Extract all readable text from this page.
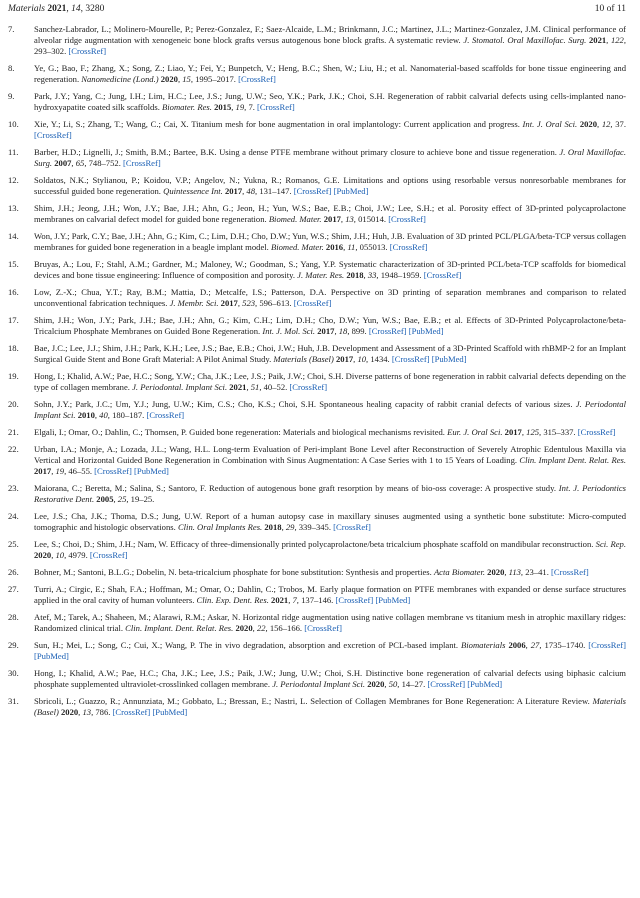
Materials 2021, 14, 3280	10 of 11
7. Sanchez-Labrador, L.; Molinero-Mourelle, P.; Perez-Gonzalez, F.; Saez-Alcaide, L.M.; Brinkmann, J.C.; Martinez, J.L.; Martinez-Gonzalez, J.M. Clinical performance of alveolar ridge augmentation with xenogeneic bone block grafts versus autogenous bone block grafts. A systematic review. J. Stomatol. Oral Maxillofac. Surg. 2021, 122, 293–302. [CrossRef]
8. Ye, G.; Bao, F.; Zhang, X.; Song, Z.; Liao, Y.; Fei, Y.; Bunpetch, V.; Heng, B.C.; Shen, W.; Liu, H.; et al. Nanomaterial-based scaffolds for bone tissue engineering and regeneration. Nanomedicine (Lond.) 2020, 15, 1995–2017. [CrossRef]
9. Park, J.Y.; Yang, C.; Jung, I.H.; Lim, H.C.; Lee, J.S.; Jung, U.W.; Seo, Y.K.; Park, J.K.; Choi, S.H. Regeneration of rabbit calvarial defects using cells-implanted nano-hydroxyapatite coated silk scaffolds. Biomater. Res. 2015, 19, 7. [CrossRef]
10. Xie, Y.; Li, S.; Zhang, T.; Wang, C.; Cai, X. Titanium mesh for bone augmentation in oral implantology: Current application and progress. Int. J. Oral Sci. 2020, 12, 37. [CrossRef]
11. Barber, H.D.; Lignelli, J.; Smith, B.M.; Bartee, B.K. Using a dense PTFE membrane without primary closure to achieve bone and tissue regeneration. J. Oral Maxillofac. Surg. 2007, 65, 748–752. [CrossRef]
12. Soldatos, N.K.; Stylianou, P.; Koidou, V.P.; Angelov, N.; Yukna, R.; Romanos, G.E. Limitations and options using resorbable versus nonresorbable membranes for successful guided bone regeneration. Quintessence Int. 2017, 48, 131–147. [CrossRef] [PubMed]
13. Shim, J.H.; Jeong, J.H.; Won, J.Y.; Bae, J.H.; Ahn, G.; Jeon, H.; Yun, W.S.; Bae, E.B.; Choi, J.W.; Lee, S.H.; et al. Porosity effect of 3D-printed polycaprolactone membranes on calvarial defect model for guided bone regeneration. Biomed. Mater. 2017, 13, 015014. [CrossRef]
14. Won, J.Y.; Park, C.Y.; Bae, J.H.; Ahn, G.; Kim, C.; Lim, D.H.; Cho, D.W.; Yun, W.S.; Shim, J.H.; Huh, J.B. Evaluation of 3D printed PCL/PLGA/beta-TCP versus collagen membranes for guided bone regeneration in a beagle implant model. Biomed. Mater. 2016, 11, 055013. [CrossRef]
15. Bruyas, A.; Lou, F.; Stahl, A.M.; Gardner, M.; Maloney, W.; Goodman, S.; Yang, Y.P. Systematic characterization of 3D-printed PCL/beta-TCP scaffolds for biomedical devices and bone tissue engineering: Influence of composition and porosity. J. Mater. Res. 2018, 33, 1948–1959. [CrossRef]
16. Low, Z.-X.; Chua, Y.T.; Ray, B.M.; Mattia, D.; Metcalfe, I.S.; Patterson, D.A. Perspective on 3D printing of separation membranes and comparison to related unconventional fabrication techniques. J. Membr. Sci. 2017, 523, 596–613. [CrossRef]
17. Shim, J.H.; Won, J.Y.; Park, J.H.; Bae, J.H.; Ahn, G.; Kim, C.H.; Lim, D.H.; Cho, D.W.; Yun, W.S.; Bae, E.B.; et al. Effects of 3D-Printed Polycaprolactone/beta-Tricalcium Phosphate Membranes on Guided Bone Regeneration. Int. J. Mol. Sci. 2017, 18, 899. [CrossRef] [PubMed]
18. Bae, J.C.; Lee, J.J.; Shim, J.H.; Park, K.H.; Lee, J.S.; Bae, E.B.; Choi, J.W.; Huh, J.B. Development and Assessment of a 3D-Printed Scaffold with rhBMP-2 for an Implant Surgical Guide Stent and Bone Graft Material: A Pilot Animal Study. Materials (Basel) 2017, 10, 1434. [CrossRef] [PubMed]
19. Hong, I.; Khalid, A.W.; Pae, H.C.; Song, Y.W.; Cha, J.K.; Lee, J.S.; Paik, J.W.; Choi, S.H. Diverse patterns of bone regeneration in rabbit calvarial defects depending on the type of collagen membrane. J. Periodontal. Implant Sci. 2021, 51, 40–52. [CrossRef]
20. Sohn, J.Y.; Park, J.C.; Um, Y.J.; Jung, U.W.; Kim, C.S.; Cho, K.S.; Choi, S.H. Spontaneous healing capacity of rabbit cranial defects of various sizes. J. Periodontal Implant Sci. 2010, 40, 180–187. [CrossRef]
21. Elgali, I.; Omar, O.; Dahlin, C.; Thomsen, P. Guided bone regeneration: Materials and biological mechanisms revisited. Eur. J. Oral Sci. 2017, 125, 315–337. [CrossRef]
22. Urban, I.A.; Monje, A.; Lozada, J.L.; Wang, H.L. Long-term Evaluation of Peri-implant Bone Level after Reconstruction of Severely Atrophic Edentulous Maxilla via Vertical and Horizontal Guided Bone Regeneration in Combination with Sinus Augmentation: A Case Series with 1 to 15 Years of Loading. Clin. Implant Dent. Relat. Res. 2017, 19, 46–55. [CrossRef] [PubMed]
23. Maiorana, C.; Beretta, M.; Salina, S.; Santoro, F. Reduction of autogenous bone graft resorption by means of bio-oss coverage: A prospective study. Int. J. Periodontics Restorative Dent. 2005, 25, 19–25.
24. Lee, J.S.; Cha, J.K.; Thoma, D.S.; Jung, U.W. Report of a human autopsy case in maxillary sinuses augmented using a synthetic bone substitute: Micro-computed tomographic and histologic observations. Clin. Oral Implants Res. 2018, 29, 339–345. [CrossRef]
25. Lee, S.; Choi, D.; Shim, J.H.; Nam, W. Efficacy of three-dimensionally printed polycaprolactone/beta tricalcium phosphate scaffold on mandibular reconstruction. Sci. Rep. 2020, 10, 4979. [CrossRef]
26. Bohner, M.; Santoni, B.L.G.; Dobelin, N. beta-tricalcium phosphate for bone substitution: Synthesis and properties. Acta Biomater. 2020, 113, 23–41. [CrossRef]
27. Turri, A.; Cirgic, E.; Shah, F.A.; Hoffman, M.; Omar, O.; Dahlin, C.; Trobos, M. Early plaque formation on PTFE membranes with expanded or dense surface structures applied in the oral cavity of human volunteers. Clin. Exp. Dent. Res. 2021, 7, 137–146. [CrossRef] [PubMed]
28. Atef, M.; Tarek, A.; Shaheen, M.; Alarawi, R.M.; Askar, N. Horizontal ridge augmentation using native collagen membrane vs titanium mesh in atrophic maxillary ridges: Randomized clinical trial. Clin. Implant. Dent. Relat. Res. 2020, 22, 156–166. [CrossRef]
29. Sun, H.; Mei, L.; Song, C.; Cui, X.; Wang, P. The in vivo degradation, absorption and excretion of PCL-based implant. Biomaterials 2006, 27, 1735–1740. [CrossRef] [PubMed]
30. Hong, I.; Khalid, A.W.; Pae, H.C.; Cha, J.K.; Lee, J.S.; Paik, J.W.; Jung, U.W.; Choi, S.H. Distinctive bone regeneration of calvarial defects using biphasic calcium phosphate supplemented ultraviolet-crosslinked collagen membrane. J. Periodontal Implant Sci. 2020, 50, 14–27. [CrossRef] [PubMed]
31. Sbricoli, L.; Guazzo, R.; Annunziata, M.; Gobbato, L.; Bressan, E.; Nastri, L. Selection of Collagen Membranes for Bone Regeneration: A Literature Review. Materials (Basel) 2020, 13, 786. [CrossRef] [PubMed]
